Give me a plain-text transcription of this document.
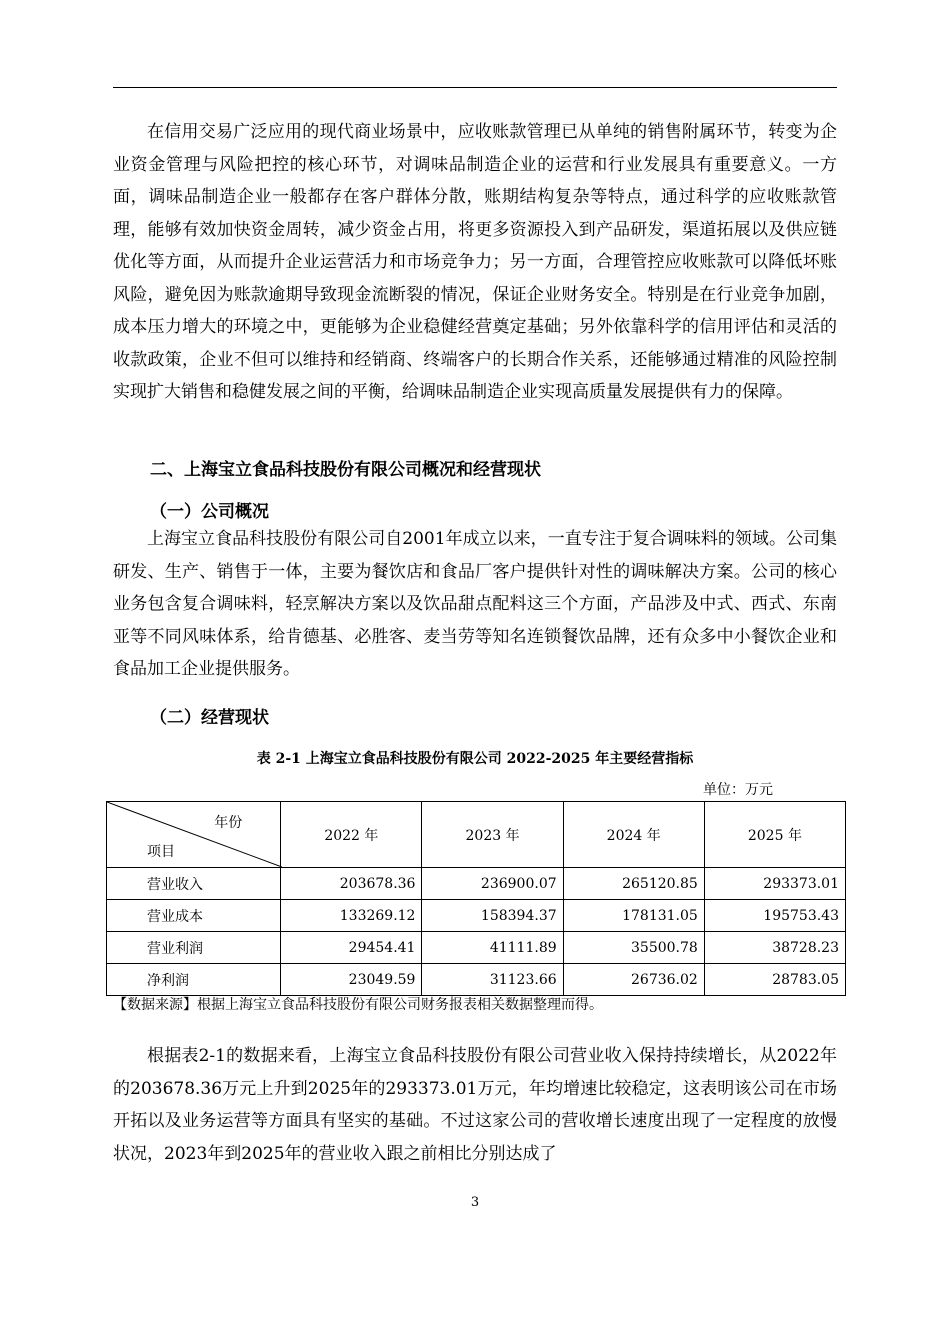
在信用交易广泛应用的现代商业场景中，应收账款管理已从单纯的销售附属环节，转变为企业资金管理与风险把控的核心环节，对调味品制造企业的运营和行业发展具有重要意义。一方面，调味品制造企业一般都存在客户群体分散，账期结构复杂等特点，通过科学的应收账款管理，能够有效加快资金周转，减少资金占用，将更多资源投入到产品研发，渠道拓展以及供应链优化等方面，从而提升企业运营活力和市场竞争力；另一方面，合理管控应收账款可以降低坏账风险，避免因为账款逾期导致现金流断裂的情况，保证企业财务安全。特别是在行业竞争加剧，成本压力增大的环境之中，更能够为企业稳健经营奠定基础；另外依靠科学的信用评估和灵活的收款政策，企业不但可以维持和经销商、终端客户的长期合作关系，还能够通过精准的风险控制实现扩大销售和稳健发展之间的平衡，给调味品制造企业实现高质量发展提供有力的保障。

二、上海宝立食品科技股份有限公司概况和经营现状

（一）公司概况

上海宝立食品科技股份有限公司自2001年成立以来，一直专注于复合调味料的领域。公司集研发、生产、销售于一体，主要为餐饮店和食品厂客户提供针对性的调味解决方案。公司的核心业务包含复合调味料，轻烹解决方案以及饮品甜点配料这三个方面，产品涉及中式、西式、东南亚等不同风味体系，给肯德基、必胜客、麦当劳等知名连锁餐饮品牌，还有众多中小餐饮企业和食品加工企业提供服务。

（二）经营现状

表 2-1 上海宝立食品科技股份有限公司 2022-2025 年主要经营指标

单位：万元
年份
项目	2022 年	2023 年	2024 年	2025 年
营业收入	203678.36	236900.07	265120.85	293373.01
营业成本	133269.12	158394.37	178131.05	195753.43
营业利润	29454.41	41111.89	35500.78	38728.23
净利润	23049.59	31123.66	26736.02	28783.05

【数据来源】根据上海宝立食品科技股份有限公司财务报表相关数据整理而得。

根据表2-1的数据来看，上海宝立食品科技股份有限公司营业收入保持持续增长，从2022年的203678.36万元上升到2025年的293373.01万元，年均增速比较稳定，这表明该公司在市场开拓以及业务运营等方面具有坚实的基础。不过这家公司的营收增长速度出现了一定程度的放慢状况，2023年到2025年的营业收入跟之前相比分别达成了

3
